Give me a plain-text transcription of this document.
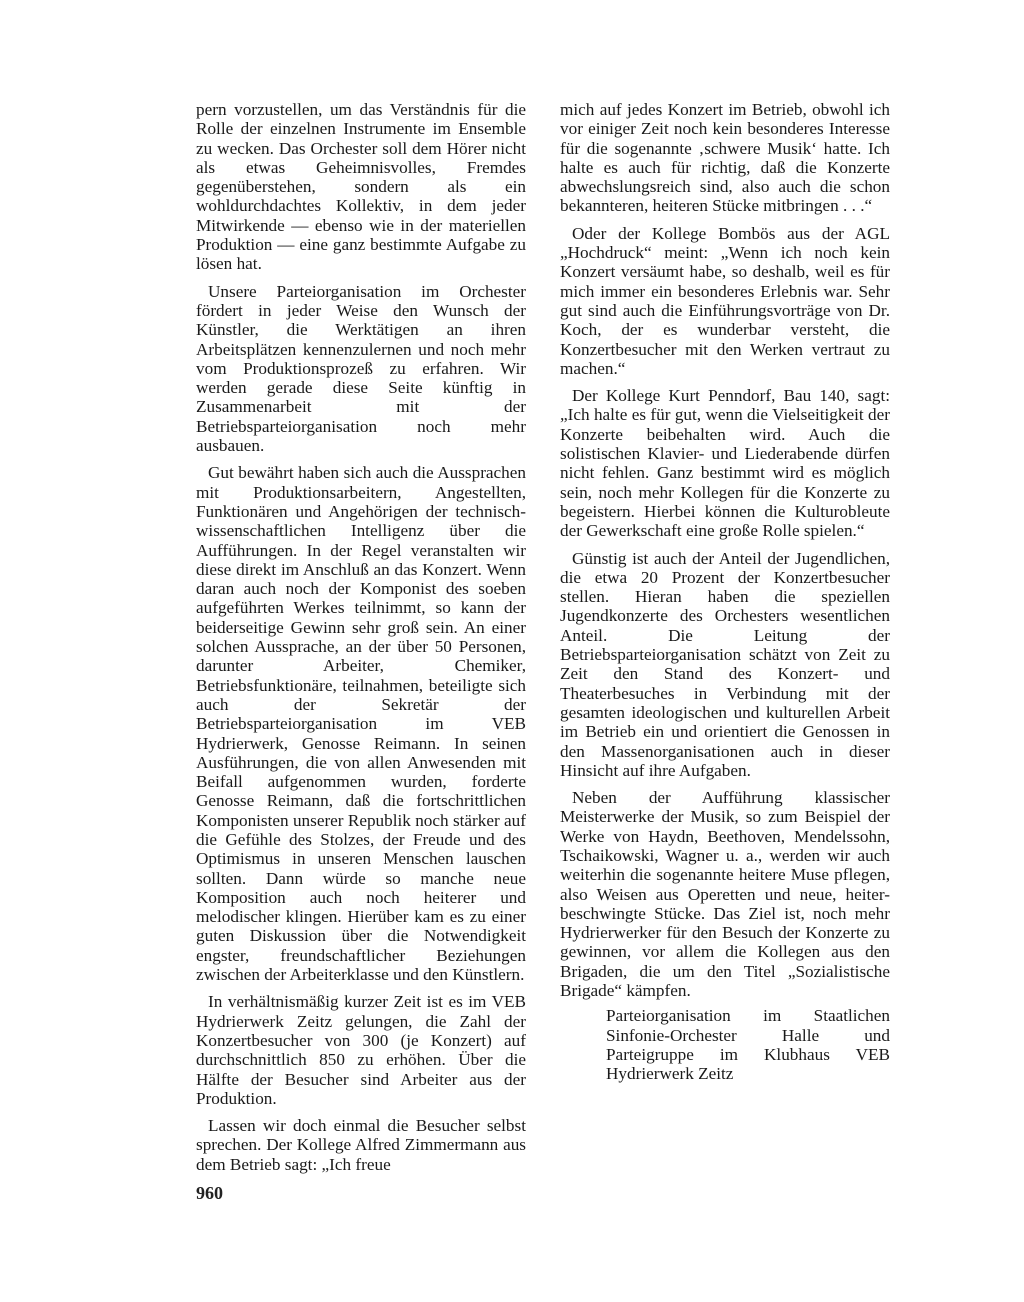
pern vorzustellen, um das Verständnis für die Rolle der einzelnen Instrumente im Ensemble zu wecken. Das Orchester soll dem Hörer nicht als etwas Geheimnisvolles, Fremdes gegenüberstehen, sondern als ein wohldurchdachtes Kollektiv, in dem jeder Mitwirkende — ebenso wie in der materiellen Produktion — eine ganz bestimmte Aufgabe zu lösen hat.

Unsere Parteiorganisation im Orchester fördert in jeder Weise den Wunsch der Künstler, die Werktätigen an ihren Arbeitsplätzen kennenzulernen und noch mehr vom Produktionsprozeß zu erfahren. Wir werden gerade diese Seite künftig in Zusammenarbeit mit der Betriebsparteiorganisation noch mehr ausbauen.

Gut bewährt haben sich auch die Aussprachen mit Produktionsarbeitern, Angestellten, Funktionären und Angehörigen der technisch-wissenschaftlichen Intelligenz über die Aufführungen. In der Regel veranstalten wir diese direkt im Anschluß an das Konzert. Wenn daran auch noch der Komponist des soeben aufgeführten Werkes teilnimmt, so kann der beiderseitige Gewinn sehr groß sein. An einer solchen Aussprache, an der über 50 Personen, darunter Arbeiter, Chemiker, Betriebsfunktionäre, teilnahmen, beteiligte sich auch der Sekretär der Betriebsparteiorganisation im VEB Hydrierwerk, Genosse Reimann. In seinen Ausführungen, die von allen Anwesenden mit Beifall aufgenommen wurden, forderte Genosse Reimann, daß die fortschrittlichen Komponisten unserer Republik noch stärker auf die Gefühle des Stolzes, der Freude und des Optimismus in unseren Menschen lauschen sollten. Dann würde so manche neue Komposition auch noch heiterer und melodischer klingen. Hierüber kam es zu einer guten Diskussion über die Notwendigkeit engster, freundschaftlicher Beziehungen zwischen der Arbeiterklasse und den Künstlern.

In verhältnismäßig kurzer Zeit ist es im VEB Hydrierwerk Zeitz gelungen, die Zahl der Konzertbesucher von 300 (je Konzert) auf durchschnittlich 850 zu erhöhen. Über die Hälfte der Besucher sind Arbeiter aus der Produktion.

Lassen wir doch einmal die Besucher selbst sprechen. Der Kollege Alfred Zimmermann aus dem Betrieb sagt: „Ich freue

mich auf jedes Konzert im Betrieb, obwohl ich vor einiger Zeit noch kein besonderes Interesse für die sogenannte ‚schwere Musik‘ hatte. Ich halte es auch für richtig, daß die Konzerte abwechslungsreich sind, also auch die schon bekannteren, heiteren Stücke mitbringen . . .“

Oder der Kollege Bombös aus der AGL „Hochdruck“ meint: „Wenn ich noch kein Konzert versäumt habe, so deshalb, weil es für mich immer ein besonderes Erlebnis war. Sehr gut sind auch die Einführungsvorträge von Dr. Koch, der es wunderbar versteht, die Konzertbesucher mit den Werken vertraut zu machen.“

Der Kollege Kurt Penndorf, Bau 140, sagt: „Ich halte es für gut, wenn die Vielseitigkeit der Konzerte beibehalten wird. Auch die solistischen Klavier- und Liederabende dürfen nicht fehlen. Ganz bestimmt wird es möglich sein, noch mehr Kollegen für die Konzerte zu begeistern. Hierbei können die Kulturobleute der Gewerkschaft eine große Rolle spielen.“

Günstig ist auch der Anteil der Jugendlichen, die etwa 20 Prozent der Konzertbesucher stellen. Hieran haben die speziellen Jugendkonzerte des Orchesters wesentlichen Anteil. Die Leitung der Betriebsparteiorganisation schätzt von Zeit zu Zeit den Stand des Konzert- und Theaterbesuches in Verbindung mit der gesamten ideologischen und kulturellen Arbeit im Betrieb ein und orientiert die Genossen in den Massenorganisationen auch in dieser Hinsicht auf ihre Aufgaben.

Neben der Aufführung klassischer Meisterwerke der Musik, so zum Beispiel der Werke von Haydn, Beethoven, Mendelssohn, Tschaikowski, Wagner u. a., werden wir auch weiterhin die sogenannte heitere Muse pflegen, also Weisen aus Operetten und neue, heiter-beschwingte Stücke. Das Ziel ist, noch mehr Hydrierwerker für den Besuch der Konzerte zu gewinnen, vor allem die Kollegen aus den Brigaden, die um den Titel „Sozialistische Brigade“ kämpfen.

Parteiorganisation im Staatlichen Sinfonie-Orchester Halle und Parteigruppe im Klubhaus VEB Hydrierwerk Zeitz

960
